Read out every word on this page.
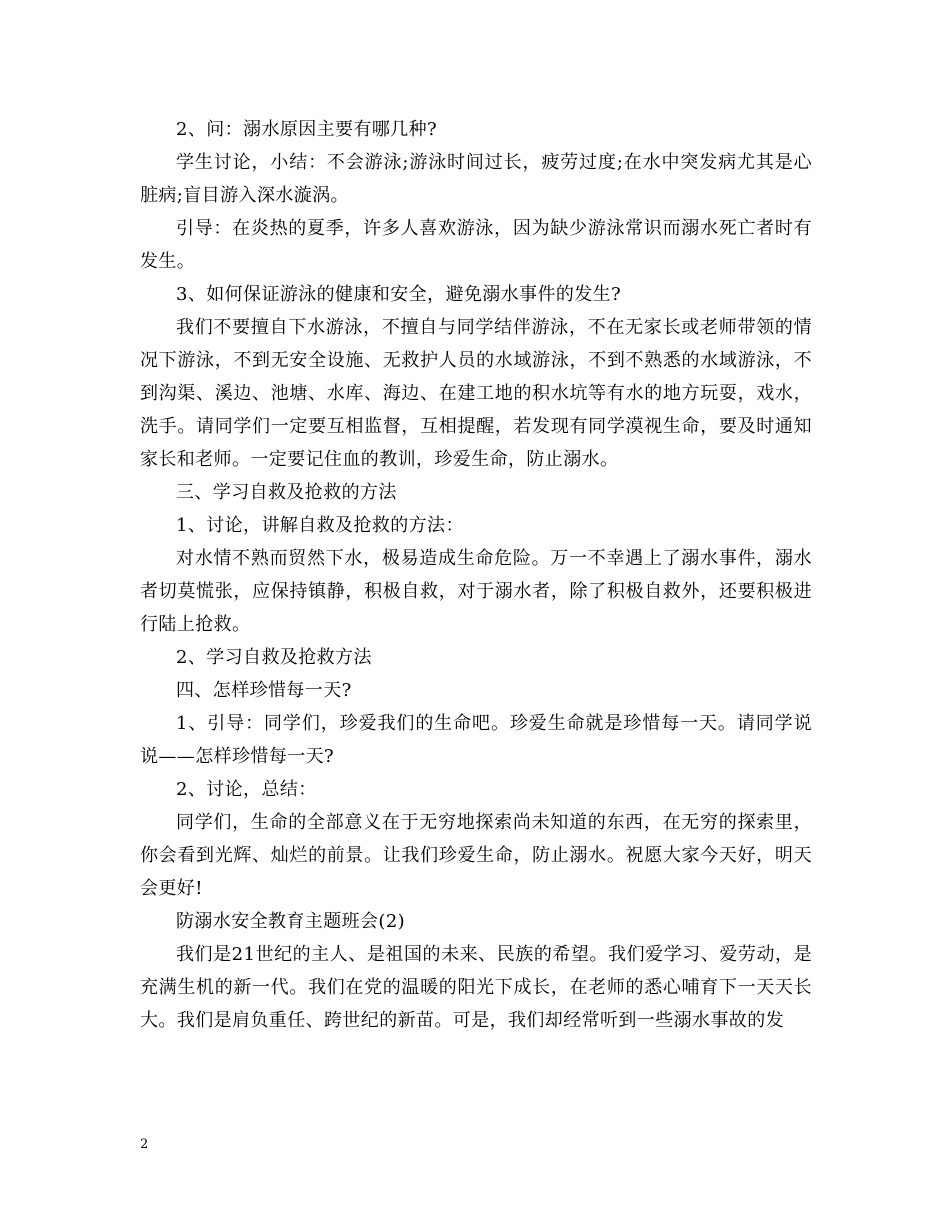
2、问：溺水原因主要有哪几种?

学生讨论，小结：不会游泳;游泳时间过长，疲劳过度;在水中突发病尤其是心脏病;盲目游入深水漩涡。

引导：在炎热的夏季，许多人喜欢游泳，因为缺少游泳常识而溺水死亡者时有发生。

3、如何保证游泳的健康和安全，避免溺水事件的发生?

我们不要擅自下水游泳，不擅自与同学结伴游泳，不在无家长或老师带领的情况下游泳，不到无安全设施、无救护人员的水域游泳，不到不熟悉的水域游泳，不到沟渠、溪边、池塘、水库、海边、在建工地的积水坑等有水的地方玩耍，戏水，洗手。请同学们一定要互相监督，互相提醒，若发现有同学漠视生命，要及时通知家长和老师。一定要记住血的教训，珍爱生命，防止溺水。

三、学习自救及抢救的方法

1、讨论，讲解自救及抢救的方法：

对水情不熟而贸然下水，极易造成生命危险。万一不幸遇上了溺水事件，溺水者切莫慌张，应保持镇静，积极自救，对于溺水者，除了积极自救外，还要积极进行陆上抢救。

2、学习自救及抢救方法

四、怎样珍惜每一天?

1、引导：同学们，珍爱我们的生命吧。珍爱生命就是珍惜每一天。请同学说说——怎样珍惜每一天?

2、讨论，总结：

同学们，生命的全部意义在于无穷地探索尚未知道的东西，在无穷的探索里，你会看到光辉、灿烂的前景。让我们珍爱生命，防止溺水。祝愿大家今天好，明天会更好!

防溺水安全教育主题班会(2)

我们是21世纪的主人、是祖国的未来、民族的希望。我们爱学习、爱劳动，是充满生机的新一代。我们在党的温暖的阳光下成长，在老师的悉心哺育下一天天长大。我们是肩负重任、跨世纪的新苗。可是，我们却经常听到一些溺水事故的发

2
